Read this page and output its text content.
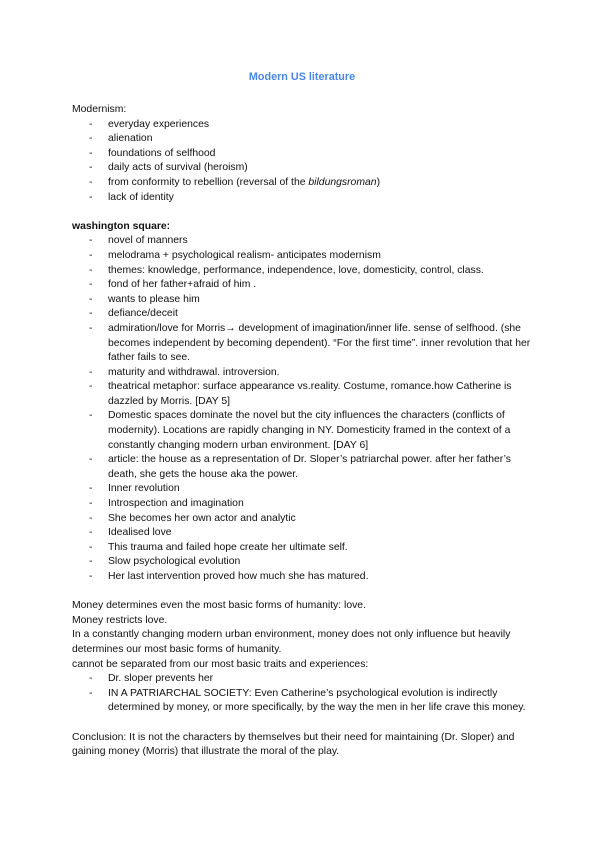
Modern US literature

Modernism:

- everyday experiences
- alienation
- foundations of selfhood
- daily acts of survival (heroism)
- from conformity to rebellion (reversal of the bildungsroman)
- lack of identity

washington square:

- novel of manners
- melodrama + psychological realism- anticipates modernism
- themes: knowledge, performance, independence, love, domesticity, control, class.
- fond of her father+afraid of him .
- wants to please him
- defiance/deceit
- admiration/love for Morris→ development of imagination/inner life. sense of selfhood. (she becomes independent by becoming dependent). “For the first time”. inner revolution that her father fails to see.
- maturity and withdrawal. introversion.
- theatrical metaphor: surface appearance vs.reality. Costume, romance.how Catherine is dazzled by Morris. [DAY 5]
- Domestic spaces dominate the novel but the city influences the characters (conflicts of modernity). Locations are rapidly changing in NY. Domesticity framed in the context of a constantly changing modern urban environment. [DAY 6]
- article: the house as a representation of Dr. Sloper’s patriarchal power. after her father’s death, she gets the house aka the power.
- Inner revolution
- Introspection and imagination
- She becomes her own actor and analytic
- Idealised love
- This trauma and failed hope create her ultimate self.
- Slow psychological evolution
- Her last intervention proved how much she has matured.

Money determines even the most basic forms of humanity: love.

Money restricts love.

In a constantly changing modern urban environment, money does not only influence but heavily determines our most basic forms of humanity.

cannot be separated from our most basic traits and experiences:

- Dr. sloper prevents her
- IN A PATRIARCHAL SOCIETY: Even Catherine’s psychological evolution is indirectly determined by money, or more specifically, by the way the men in her life crave this money.

Conclusion: It is not the characters by themselves but their need for maintaining (Dr. Sloper) and gaining money (Morris) that illustrate the moral of the play.
